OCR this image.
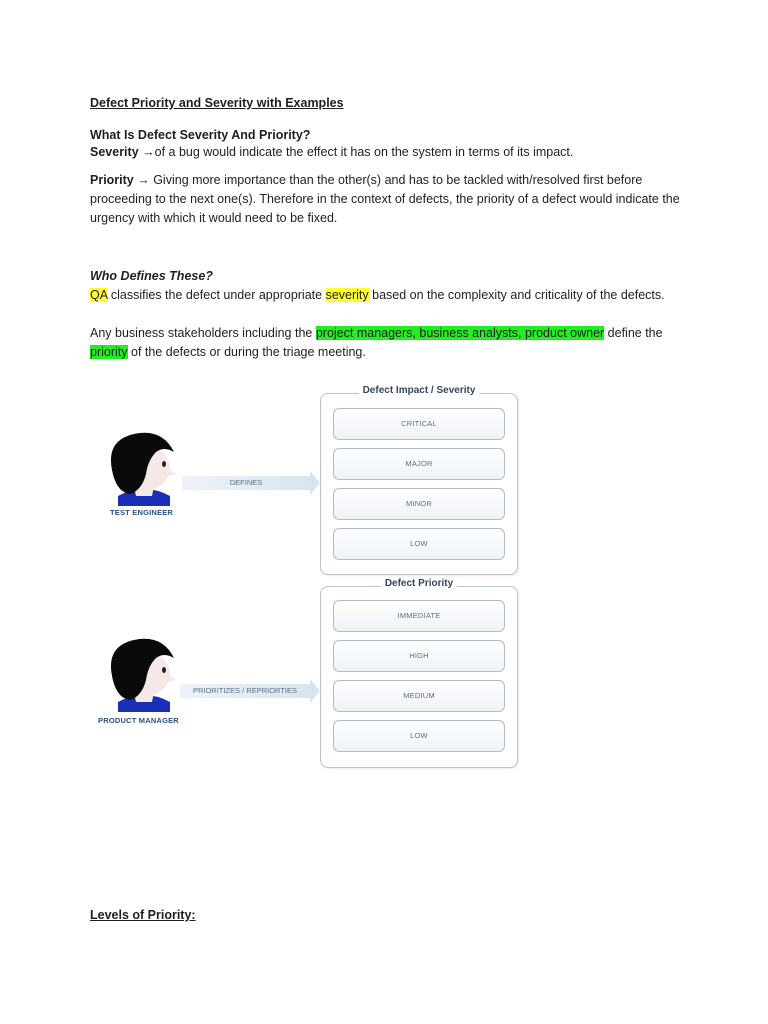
Defect Priority and Severity with Examples
What Is Defect Severity And Priority?
Severity →of a bug would indicate the effect it has on the system in terms of its impact.
Priority → Giving more importance than the other(s) and has to be tackled with/resolved first before proceeding to the next one(s). Therefore in the context of defects, the priority of a defect would indicate the urgency with which it would need to be fixed.
Who Defines These?
QA classifies the defect under appropriate severity based on the complexity and criticality of the defects.
Any business stakeholders including the project managers, business analysts, product owner define the priority of the defects or during the triage meeting.
TEST ENGINEER
DEFINES
Defect Impact / Severity
CRITICAL
MAJOR
MINOR
LOW
PRODUCT MANAGER
PRIORITIZES / REPRIORTIES
Defect Priority
IMMEDIATE
HIGH
MEDIUM
LOW
Levels of Priority:
